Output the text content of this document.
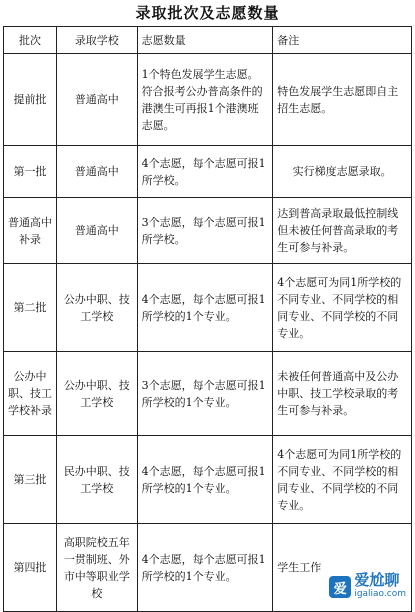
录取批次及志愿数量
批次	录取学校	志愿数量	备注
提前批	普通高中	1个特色发展学生志愿。符合报考公办普高条件的港澳生可再报1个港澳班志愿。	特色发展学生志愿即自主招生志愿。
第一批	普通高中	4个志愿，每个志愿可报1所学校。	实行梯度志愿录取。
普通高中补录	普通高中	3个志愿，每个志愿可报1所学校。	达到普高录取最低控制线但未被任何普高录取的考生可参与补录。
第二批	公办中职、技工学校	4个志愿，每个志愿可报1所学校的1个专业。	4个志愿可为同1所学校的不同专业、不同学校的相同专业、不同学校的不同专业。
公办中职、技工学校补录	公办中职、技工学校	3个志愿，每个志愿可报1所学校的1个专业。	未被任何普通高中及公办中职、技工学校录取的考生可参与补录。
第三批	民办中职、技工学校	4个志愿，每个志愿可报1所学校的1个专业。	4个志愿可为同1所学校的不同专业、不同学校的相同专业、不同学校的不同专业。
第四批	高职院校五年一贯制班、外市中等职业学校	4个志愿，每个志愿可报1所学校的1个专业。	学生工作
爱 爱尬聊
igaliao.com
